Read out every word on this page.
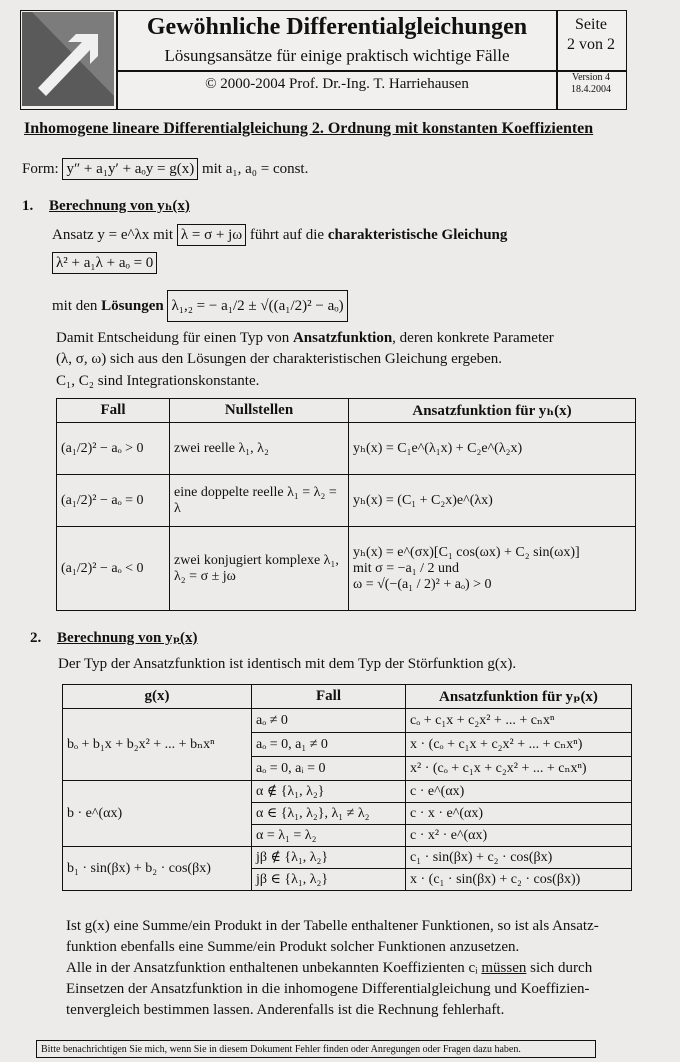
Gewöhnliche Differentialgleichungen
Lösungsansätze für einige praktisch wichtige Fälle
© 2000-2004 Prof. Dr.-Ing. T. Harriehausen
Seite
2 von 2
Version 4
18.4.2004
Inhomogene lineare Differentialgleichung 2. Ordnung mit konstanten Koeffizienten
Form: y″ + a₁y′ + aₒy = g(x) mit a₁, a₀ = const.
1. Berechnung von yₕ(x)
Ansatz y = e^λx mit λ = σ + jω führt auf die charakteristische Gleichung
λ² + a₁λ + aₒ = 0
mit den Lösungen λ₁,₂ = − a₁/2 ± √((a₁/2)² − aₒ)
Damit Entscheidung für einen Typ von Ansatzfunktion, deren konkrete Parameter
(λ, σ, ω) sich aus den Lösungen der charakteristischen Gleichung ergeben.
C₁, C₂ sind Integrationskonstante.
Fall	Nullstellen	Ansatzfunktion für yₕ(x)
(a₁/2)² − aₒ > 0	zwei reelle λ₁, λ₂	yₕ(x) = C₁e^(λ₁x) + C₂e^(λ₂x)
(a₁/2)² − aₒ = 0	eine doppelte reelle λ₁ = λ₂ = λ	yₕ(x) = (C₁ + C₂x)e^(λx)
(a₁/2)² − aₒ < 0	zwei konjugiert komplexe λ₁, λ₂ = σ ± jω	yₕ(x) = e^(σx)[C₁ cos(ωx) + C₂ sin(ωx)]
mit σ = −a₁ / 2 und
ω = √(−(a₁ / 2)² + aₒ) > 0
2. Berechnung von yₚ(x)
Der Typ der Ansatzfunktion ist identisch mit dem Typ der Störfunktion g(x).
g(x)	Fall	Ansatzfunktion für yₚ(x)
bₒ + b₁x + b₂x² + ... + bₙxⁿ	aₒ ≠ 0	cₒ + c₁x + c₂x² + ... + cₙxⁿ
	aₒ = 0, a₁ ≠ 0	x · (cₒ + c₁x + c₂x² + ... + cₙxⁿ)
	aₒ = 0, aᵢ = 0	x² · (cₒ + c₁x + c₂x² + ... + cₙxⁿ)
b · e^(αx)	α ∉ {λ₁, λ₂}	c · e^(αx)
	α ∈ {λ₁, λ₂}, λ₁ ≠ λ₂	c · x · e^(αx)
	α = λ₁ = λ₂	c · x² · e^(αx)
b₁ · sin(βx) + b₂ · cos(βx)	jβ ∉ {λ₁, λ₂}	c₁ · sin(βx) + c₂ · cos(βx)
	jβ ∈ {λ₁, λ₂}	x · (c₁ · sin(βx) + c₂ · cos(βx))
Ist g(x) eine Summe/ein Produkt in der Tabelle enthaltener Funktionen, so ist als Ansatz-
funktion ebenfalls eine Summe/ein Produkt solcher Funktionen anzusetzen.
Alle in der Ansatzfunktion enthaltenen unbekannten Koeffizienten cᵢ müssen sich durch
Einsetzen der Ansatzfunktion in die inhomogene Differentialgleichung und Koeffizien-
tenvergleich bestimmen lassen. Anderenfalls ist die Rechnung fehlerhaft.
Bitte benachrichtigen Sie mich, wenn Sie in diesem Dokument Fehler finden oder Anregungen oder Fragen dazu haben.
